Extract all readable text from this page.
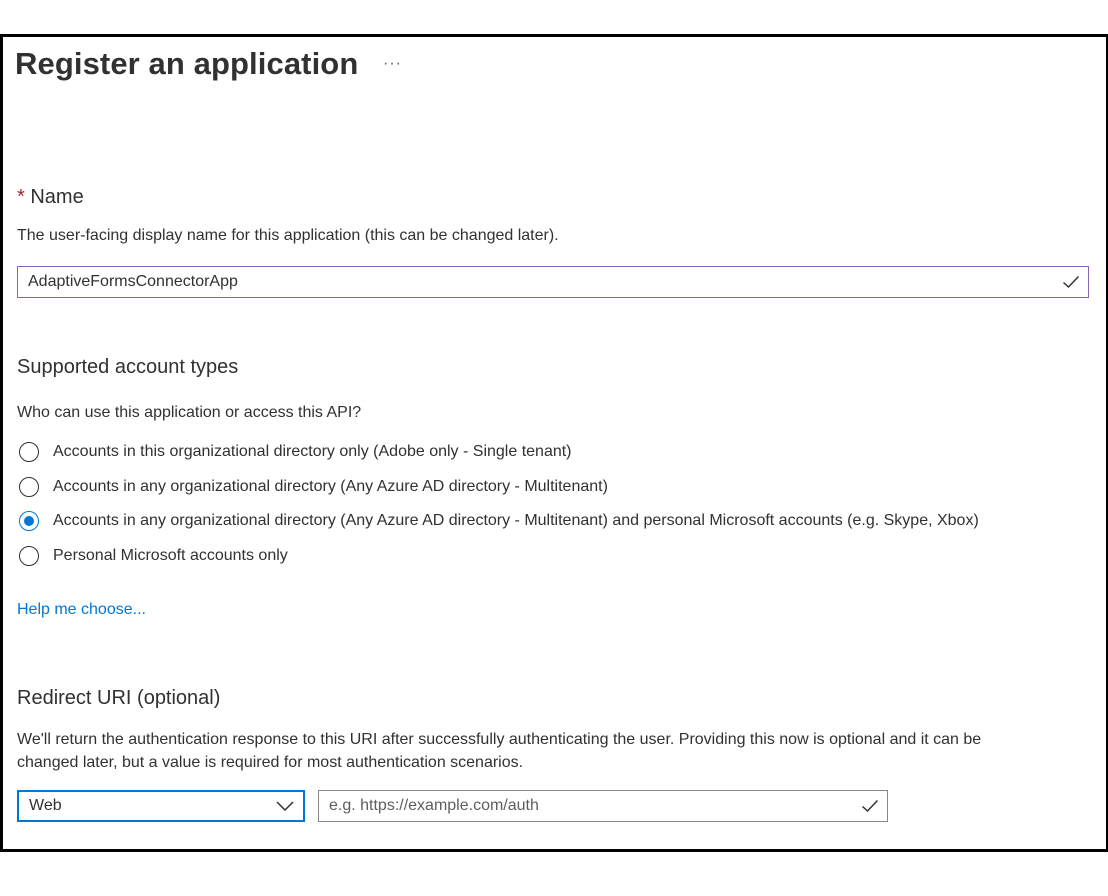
Register an application ···
* Name
The user-facing display name for this application (this can be changed later).
AdaptiveFormsConnectorApp
Supported account types
Who can use this application or access this API?
Accounts in this organizational directory only (Adobe only - Single tenant)
Accounts in any organizational directory (Any Azure AD directory - Multitenant)
Accounts in any organizational directory (Any Azure AD directory - Multitenant) and personal Microsoft accounts (e.g. Skype, Xbox)
Personal Microsoft accounts only
Help me choose...
Redirect URI (optional)
We'll return the authentication response to this URI after successfully authenticating the user. Providing this now is optional and it can be
changed later, but a value is required for most authentication scenarios.
Web	e.g. https://example.com/auth
